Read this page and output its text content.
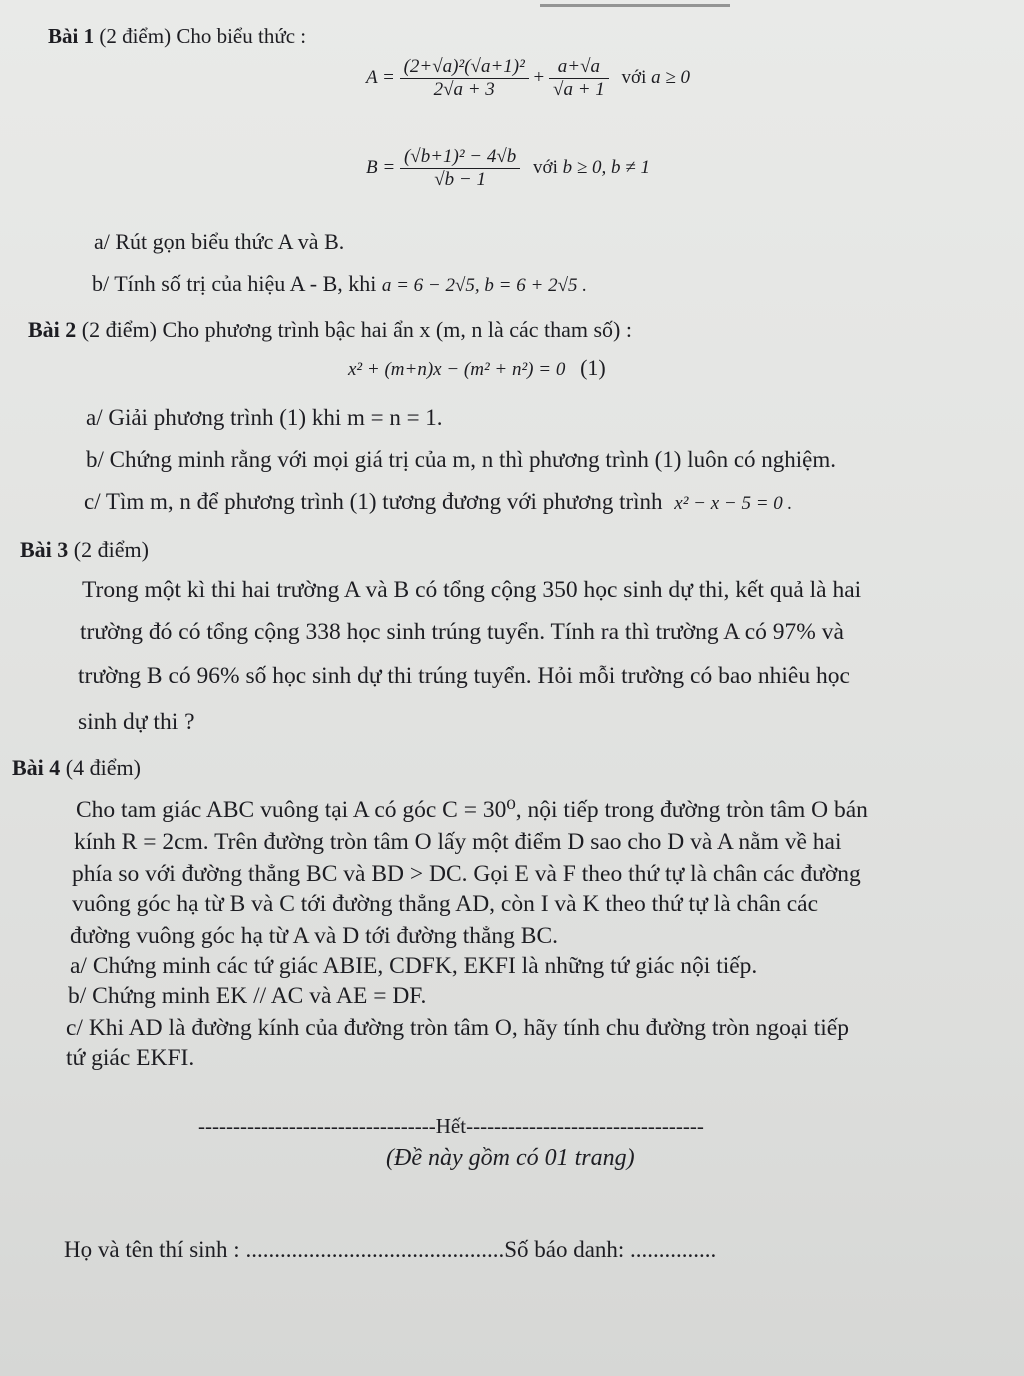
Bài 1 (2 điểm) Cho biểu thức :
$A = \frac{\text{(2+√a)²(√a+1)²}}{2√a + 3} + \frac{a+√a}{√a + 1}$ với a ≥ 0
$B = \frac{\text{(√b+1)² − 4√b}}{√b - 1}$ với b ≥ 0, b ≠ 1
a/ Rút gọn biểu thức A và B.
b/ Tính số trị của hiệu A - B, khi a = 6 − 2√5, b = 6 + 2√5 .
Bài 2 (2 điểm) Cho phương trình bậc hai ẩn x (m, n là các tham số) :
x² + (m+n)x − (m² + n²) = 0 (1)
a/ Giải phương trình (1) khi m = n = 1.
b/ Chứng minh rằng với mọi giá trị của m, n thì phương trình (1) luôn có nghiệm.
c/ Tìm m, n để phương trình (1) tương đương với phương trình x² − x − 5 = 0 .
Bài 3 (2 điểm)
Trong một kì thi hai trường A và B có tổng cộng 350 học sinh dự thi, kết quả là hai
trường đó có tổng cộng 338 học sinh trúng tuyển. Tính ra thì trường A có 97% và
trường B có 96% số học sinh dự thi trúng tuyển. Hỏi mỗi trường có bao nhiêu học
sinh dự thi ?
Bài 4 (4 điểm)
Cho tam giác ABC vuông tại A có góc C = 30⁰, nội tiếp trong đường tròn tâm O bán
kính R = 2cm. Trên đường tròn tâm O lấy một điểm D sao cho D và A nằm về hai
phía so với đường thẳng BC và BD > DC. Gọi E và F theo thứ tự là chân các đường
vuông góc hạ từ B và C tới đường thẳng AD, còn I và K theo thứ tự là chân các
đường vuông góc hạ từ A và D tới đường thẳng BC.
a/ Chứng minh các tứ giác ABIE, CDFK, EKFI là những tứ giác nội tiếp.
b/ Chứng minh EK // AC và AE = DF.
c/ Khi AD là đường kính của đường tròn tâm O, hãy tính chu đường tròn ngoại tiếp
tứ giác EKFI.
----------------------------------Hết----------------------------------
(Đề này gồm có 01 trang)
Họ và tên thí sinh : .............................................Số báo danh: ...............
